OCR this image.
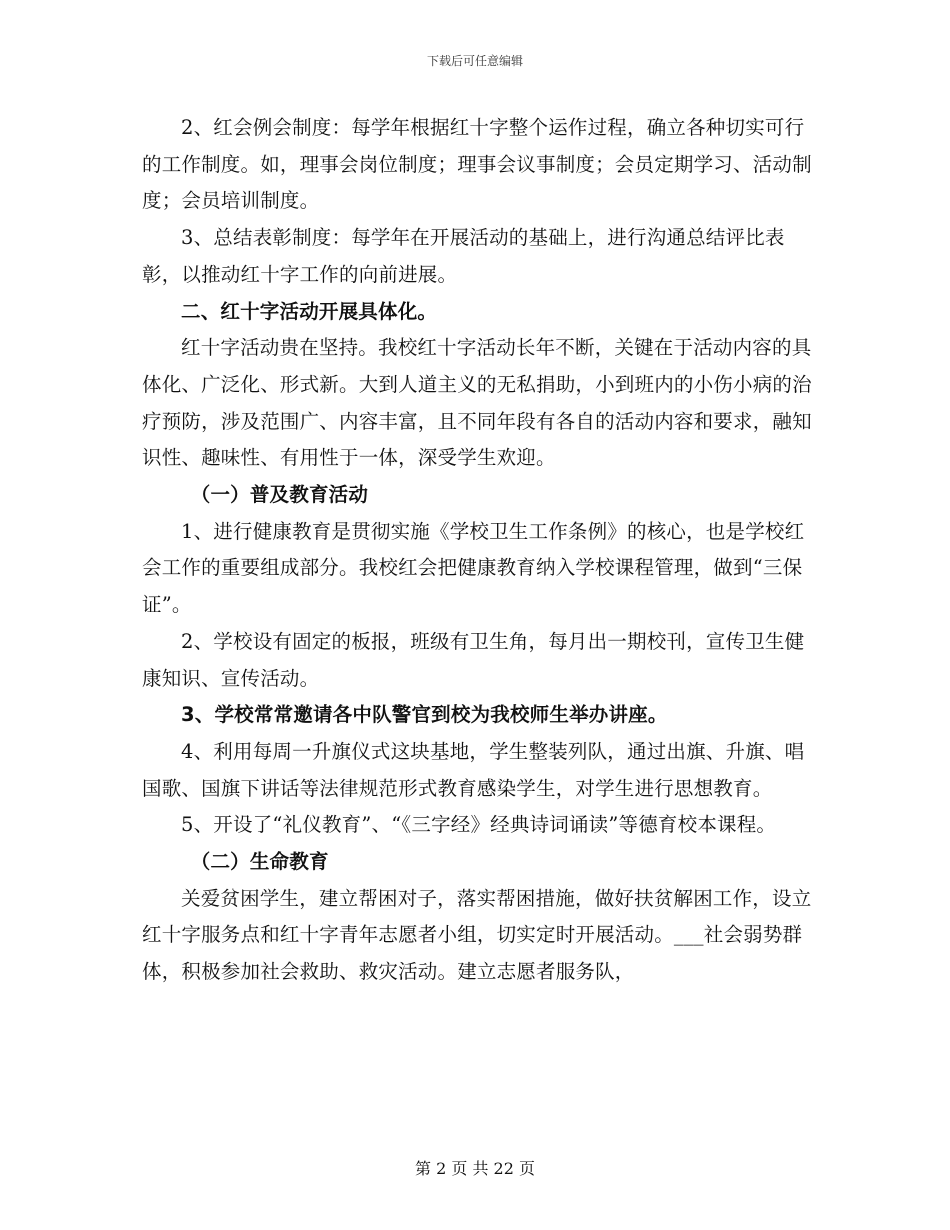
下载后可任意编辑

2、红会例会制度：每学年根据红十字整个运作过程，确立各种切实可行的工作制度。如，理事会岗位制度；理事会议事制度；会员定期学习、活动制度；会员培训制度。

3、总结表彰制度：每学年在开展活动的基础上，进行沟通总结评比表彰，以推动红十字工作的向前进展。

二、红十字活动开展具体化。

红十字活动贵在坚持。我校红十字活动长年不断，关键在于活动内容的具体化、广泛化、形式新。大到人道主义的无私捐助，小到班内的小伤小病的治疗预防，涉及范围广、内容丰富，且不同年段有各自的活动内容和要求，融知识性、趣味性、有用性于一体，深受学生欢迎。

（一）普及教育活动

1、进行健康教育是贯彻实施《学校卫生工作条例》的核心，也是学校红会工作的重要组成部分。我校红会把健康教育纳入学校课程管理，做到“三保证”。

2、学校设有固定的板报，班级有卫生角，每月出一期校刊，宣传卫生健康知识、宣传活动。

3、学校常常邀请各中队警官到校为我校师生举办讲座。

4、利用每周一升旗仪式这块基地，学生整装列队，通过出旗、升旗、唱国歌、国旗下讲话等法律规范形式教育感染学生，对学生进行思想教育。

5、开设了“礼仪教育”、“《三字经》经典诗词诵读”等德育校本课程。

（二）生命教育

关爱贫困学生，建立帮困对子，落实帮困措施，做好扶贫解困工作，设立红十字服务点和红十字青年志愿者小组，切实定时开展活动。___社会弱势群体，积极参加社会救助、救灾活动。建立志愿者服务队，

第 2 页 共 22 页
